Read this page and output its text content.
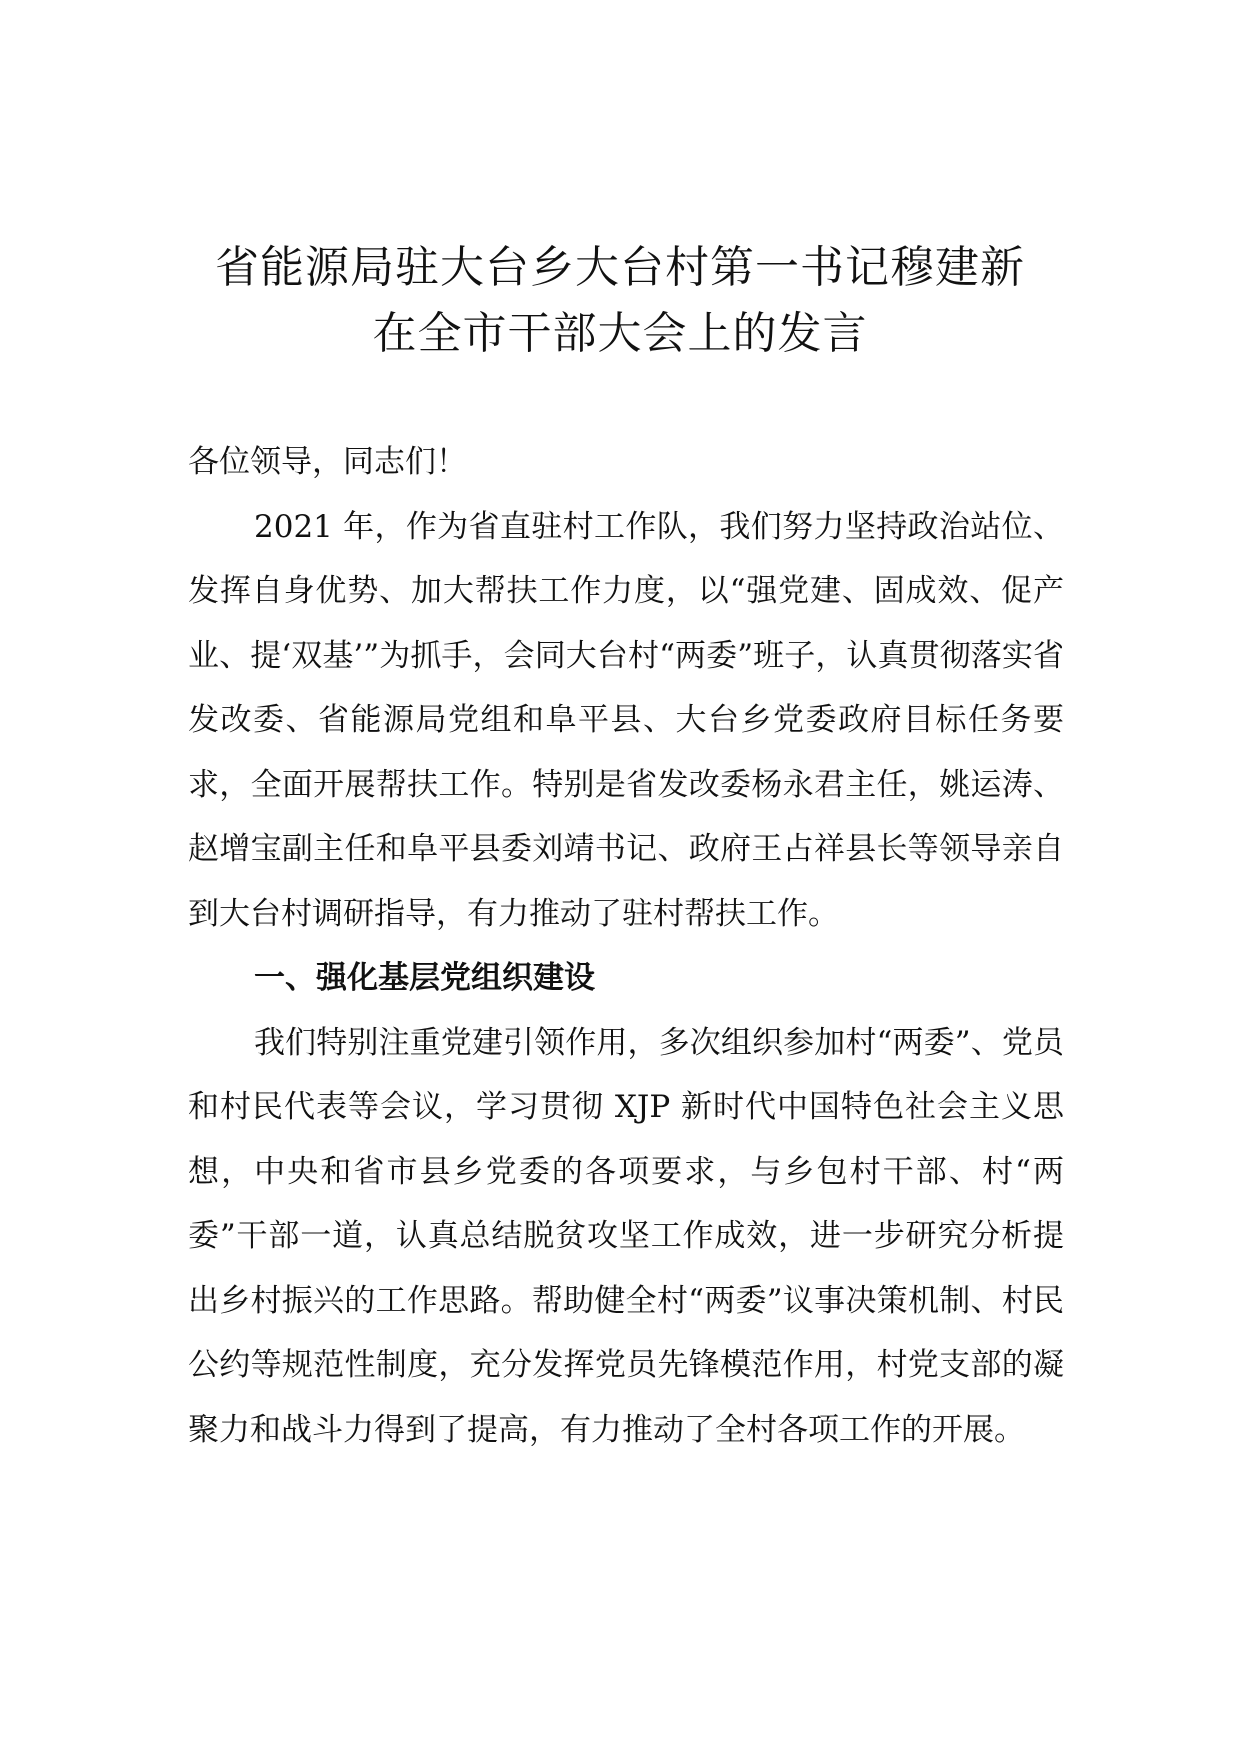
省能源局驻大台乡大台村第一书记穆建新
在全市干部大会上的发言

各位领导，同志们！

2021 年，作为省直驻村工作队，我们努力坚持政治站位、发挥自身优势、加大帮扶工作力度，以“强党建、固成效、促产业、提‘双基’”为抓手，会同大台村“两委”班子，认真贯彻落实省发改委、省能源局党组和阜平县、大台乡党委政府目标任务要求，全面开展帮扶工作。特别是省发改委杨永君主任，姚运涛、赵增宝副主任和阜平县委刘靖书记、政府王占祥县长等领导亲自到大台村调研指导，有力推动了驻村帮扶工作。

一、强化基层党组织建设

我们特别注重党建引领作用，多次组织参加村“两委”、党员和村民代表等会议，学习贯彻 XJP 新时代中国特色社会主义思想，中央和省市县乡党委的各项要求，与乡包村干部、村“两委”干部一道，认真总结脱贫攻坚工作成效，进一步研究分析提出乡村振兴的工作思路。帮助健全村“两委”议事决策机制、村民公约等规范性制度，充分发挥党员先锋模范作用，村党支部的凝聚力和战斗力得到了提高，有力推动了全村各项工作的开展。
